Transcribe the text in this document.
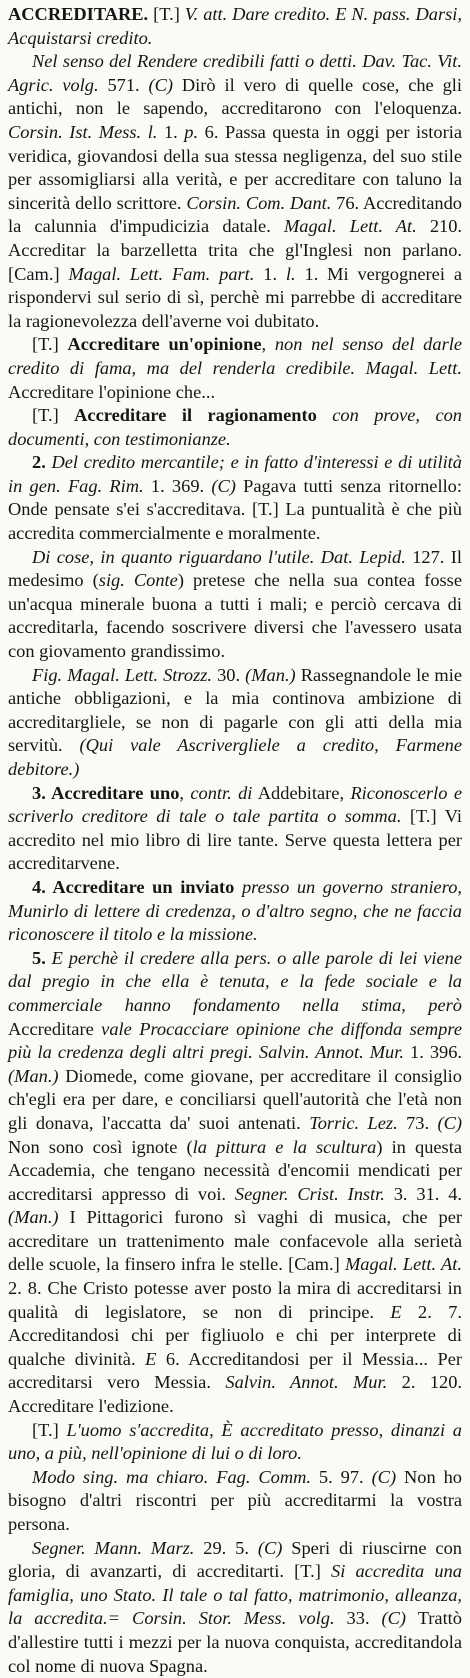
ACCREDITARE. [T.] V. att. Dare credito. E N. pass. Darsi, Acquistarsi credito.

Nel senso del Rendere credibili fatti o detti. Dav. Tac. Vit. Agric. volg. 571. (C) Dirò il vero di quelle cose, che gli antichi, non le sapendo, accreditarono con l'eloquenza. Corsin. Ist. Mess. l. 1. p. 6. Passa questa in oggi per istoria veridica, giovandosi della sua stessa negligenza, del suo stile per assomigliarsi alla verità, e per accreditare con taluno la sincerità dello scrittore. Corsin. Com. Dant. 76. Accreditando la calunnia d'impudicizia datale. Magal. Lett. At. 210. Accreditar la barzelletta trita che gl'Inglesi non parlano. [Cam.] Magal. Lett. Fam. part. 1. l. 1. Mi vergognerei a rispondervi sul serio di sì, perchè mi parrebbe di accreditare la ragionevolezza dell'averne voi dubitato.

[T.] Accreditare un'opinione, non nel senso del darle credito di fama, ma del renderla credibile. Magal. Lett. Accreditare l'opinione che...

[T.] Accreditare il ragionamento con prove, con documenti, con testimonianze.

2. Del credito mercantile; e in fatto d'interessi e di utilità in gen. Fag. Rim. 1. 369. (C) Pagava tutti senza ritornello: Onde pensate s'ei s'accreditava. [T.] La puntualità è che più accredita commercialmente e moralmente.

Di cose, in quanto riguardano l'utile. Dat. Lepid. 127. Il medesimo (sig. Conte) pretese che nella sua contea fosse un'acqua minerale buona a tutti i mali; e perciò cercava di accreditarla, facendo soscrivere diversi che l'avessero usata con giovamento grandissimo.

Fig. Magal. Lett. Strozz. 30. (Man.) Rassegnandole le mie antiche obbligazioni, e la mia continova ambizione di accreditargliele, se non di pagarle con gli atti della mia servitù. (Qui vale Ascrivergliele a credito, Farmene debitore.)

3. Accreditare uno, contr. di Addebitare, Riconoscerlo e scriverlo creditore di tale o tale partita o somma. [T.] Vi accredito nel mio libro di lire tante. Serve questa lettera per accreditarvene.

4. Accreditare un inviato presso un governo straniero, Munirlo di lettere di credenza, o d'altro segno, che ne faccia riconoscere il titolo e la missione.

5. E perchè il credere alla pers. o alle parole di lei viene dal pregio in che ella è tenuta, e la fede sociale e la commerciale hanno fondamento nella stima, però Accreditare vale Procacciare opinione che diffonda sempre più la credenza degli altri pregi. Salvin. Annot. Mur. 1. 396. (Man.) Diomede, come giovane, per accreditare il consiglio ch'egli era per dare, e conciliarsi quell'autorità che l'età non gli donava, l'accatta da' suoi antenati. Torric. Lez. 73. (C) Non sono così ignote (la pittura e la scultura) in questa Accademia, che tengano necessità d'encomii mendicati per accreditarsi appresso di voi. Segner. Crist. Instr. 3. 31. 4. (Man.) I Pittagorici furono sì vaghi di musica, che per accreditare un trattenimento male confacevole alla serietà delle scuole, la finsero infra le stelle. [Cam.] Magal. Lett. At. 2. 8. Che Cristo potesse aver posto la mira di accreditarsi in qualità di legislatore, se non di principe. E 2. 7. Accreditandosi chi per figliuolo e chi per interprete di qualche divinità. E 6. Accreditandosi per il Messia... Per accreditarsi vero Messia. Salvin. Annot. Mur. 2. 120. Accreditare l'edizione.

[T.] L'uomo s'accredita, È accreditato presso, dinanzi a uno, a più, nell'opinione di lui o di loro.

Modo sing. ma chiaro. Fag. Comm. 5. 97. (C) Non ho bisogno d'altri riscontri per più accreditarmi la vostra persona.

Segner. Mann. Marz. 29. 5. (C) Speri di riuscirne con gloria, di avanzarti, di accreditarti. [T.] Si accredita una famiglia, uno Stato. Il tale o tal fatto, matrimonio, alleanza, la accredita.= Corsin. Stor. Mess. volg. 33. (C) Trattò d'allestire tutti i mezzi per la nuova conquista, accreditandola col nome di nuova Spagna.
